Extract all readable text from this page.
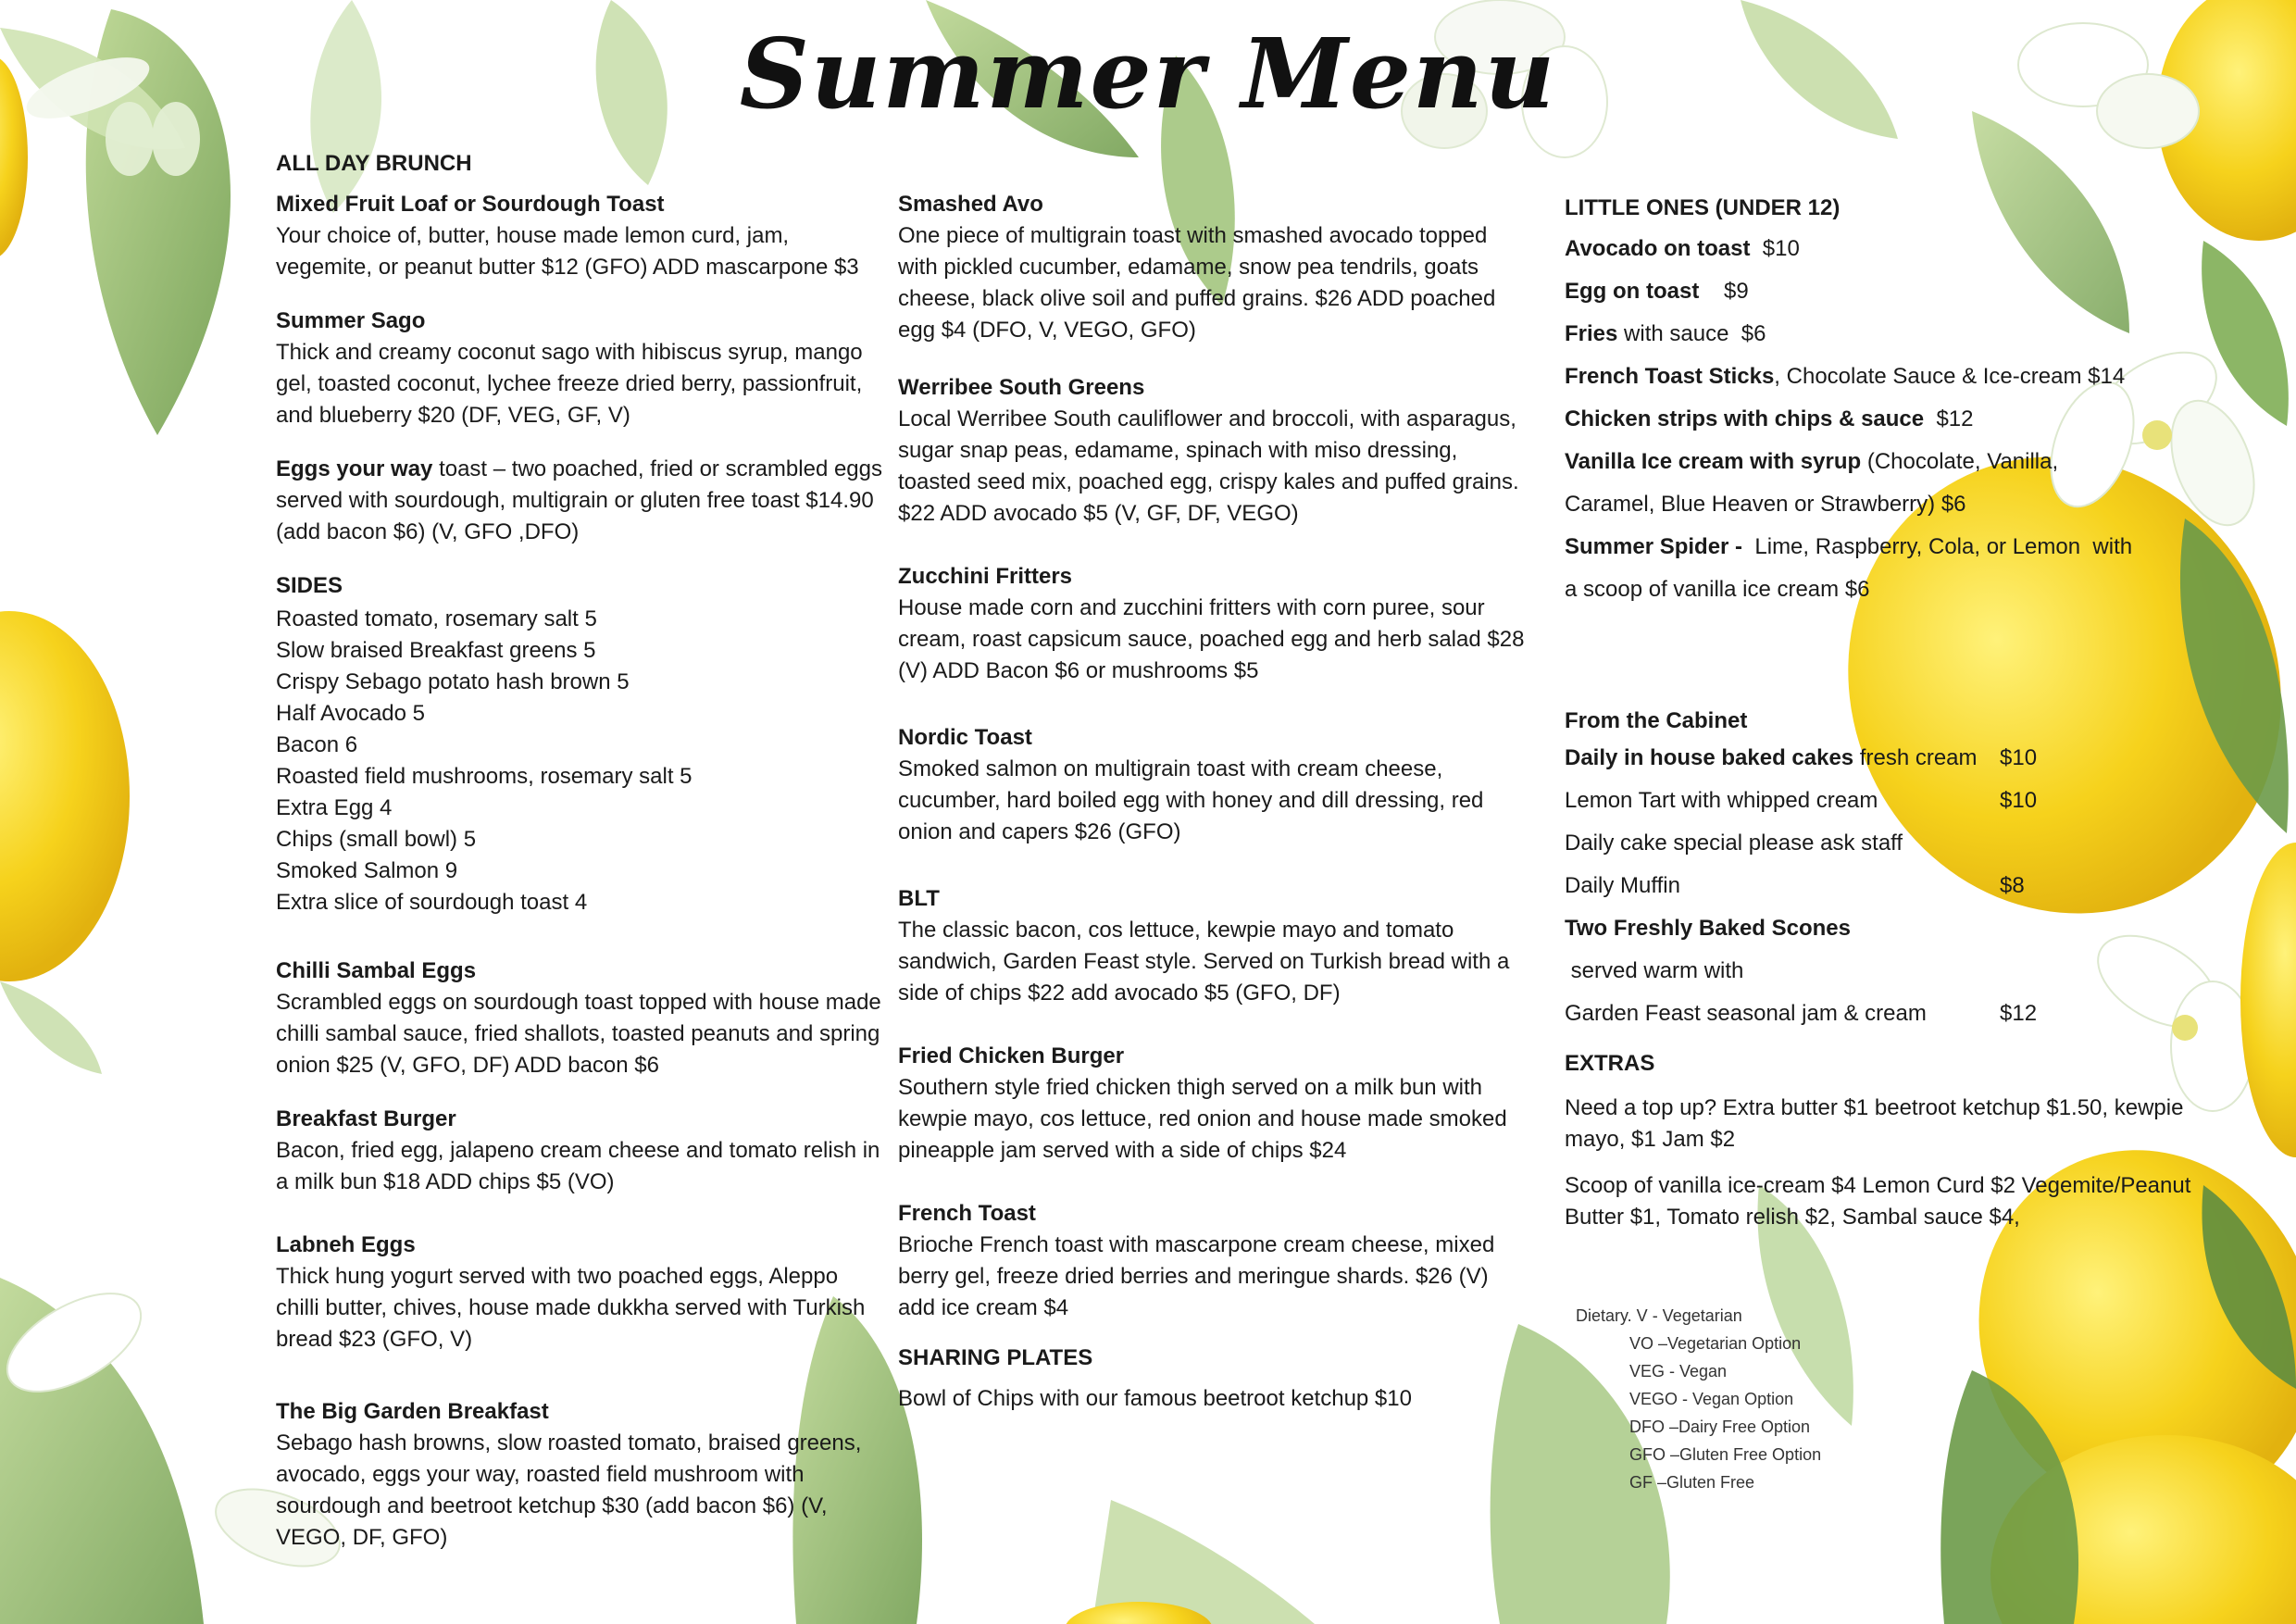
Summer Menu
ALL DAY BRUNCH
Mixed Fruit Loaf or Sourdough Toast
Your choice of, butter, house made lemon curd, jam, vegemite, or peanut butter $12 (GFO) ADD mascarpone $3
Summer Sago
Thick and creamy coconut sago with hibiscus syrup, mango gel, toasted coconut, lychee freeze dried berry, passionfruit, and blueberry $20 (DF, VEG, GF, V)
Eggs your way toast – two poached, fried or scrambled eggs served with sourdough, multigrain or gluten free toast $14.90 (add bacon $6) (V, GFO ,DFO)
SIDES
Roasted tomato, rosemary salt 5
Slow braised Breakfast greens 5
Crispy Sebago potato hash brown 5
Half Avocado 5
Bacon 6
Roasted field mushrooms, rosemary salt 5
Extra Egg 4
Chips (small bowl) 5
Smoked Salmon 9
Extra slice of sourdough toast 4
Chilli Sambal Eggs
Scrambled eggs on sourdough toast topped with house made chilli sambal sauce, fried shallots, toasted peanuts and spring onion $25 (V, GFO, DF) ADD bacon $6
Breakfast Burger
Bacon, fried egg, jalapeno cream cheese and tomato relish in a milk bun $18 ADD chips $5 (VO)
Labneh Eggs
Thick hung yogurt served with two poached eggs, Aleppo chilli butter, chives, house made dukkha served with Turkish bread $23 (GFO, V)
The Big Garden Breakfast
Sebago hash browns, slow roasted tomato, braised greens, avocado, eggs your way, roasted field mushroom with sourdough and beetroot ketchup $30 (add bacon $6) (V, VEGO, DF, GFO)
Smashed Avo
One piece of multigrain toast with smashed avocado topped with pickled cucumber, edamame, snow pea tendrils, goats cheese, black olive soil and puffed grains. $26 ADD poached egg $4 (DFO, V, VEGO, GFO)
Werribee South Greens
Local Werribee South cauliflower and broccoli, with asparagus, sugar snap peas, edamame, spinach with miso dressing, toasted seed mix, poached egg, crispy kales and puffed grains. $22 ADD avocado $5 (V, GF, DF, VEGO)
Zucchini Fritters
House made corn and zucchini fritters with corn puree, sour cream, roast capsicum sauce, poached egg and herb salad $28 (V) ADD Bacon $6 or mushrooms $5
Nordic Toast
Smoked salmon on multigrain toast with cream cheese, cucumber, hard boiled egg with honey and dill dressing, red onion and capers $26 (GFO)
BLT
The classic bacon, cos lettuce, kewpie mayo and tomato sandwich, Garden Feast style. Served on Turkish bread with a side of chips $22 add avocado $5 (GFO, DF)
Fried Chicken Burger
Southern style fried chicken thigh served on a milk bun with kewpie mayo, cos lettuce, red onion and house made smoked pineapple jam served with a side of chips $24
French Toast
Brioche French toast with mascarpone cream cheese, mixed berry gel, freeze dried berries and meringue shards. $26 (V) add ice cream $4
SHARING PLATES
Bowl of Chips with our famous beetroot ketchup $10
LITTLE ONES (UNDER 12)
Avocado on toast  $10
Egg on toast    $9
Fries with sauce  $6
French Toast Sticks, Chocolate Sauce & Ice-cream $14
Chicken strips with chips & sauce  $12
Vanilla Ice cream with syrup (Chocolate, Vanilla,
Caramel, Blue Heaven or Strawberry) $6
Summer Spider -  Lime, Raspberry, Cola, or Lemon  with
a scoop of vanilla ice cream $6
From the Cabinet
Daily in house baked cakes fresh cream	$10
Lemon Tart with whipped cream	$10
Daily cake special please ask staff
Daily Muffin	$8
Two Freshly Baked Scones served warm with
Garden Feast seasonal jam & cream	$12
EXTRAS
Need a top up? Extra butter $1 beetroot ketchup $1.50, kewpie mayo, $1 Jam $2
Scoop of vanilla ice-cream $4 Lemon Curd $2 Vegemite/Peanut Butter $1, Tomato relish $2, Sambal sauce $4,
Dietary. V - Vegetarian
VO –Vegetarian Option
VEG - Vegan
VEGO - Vegan Option
DFO –Dairy Free Option
GFO –Gluten Free Option
GF –Gluten Free
